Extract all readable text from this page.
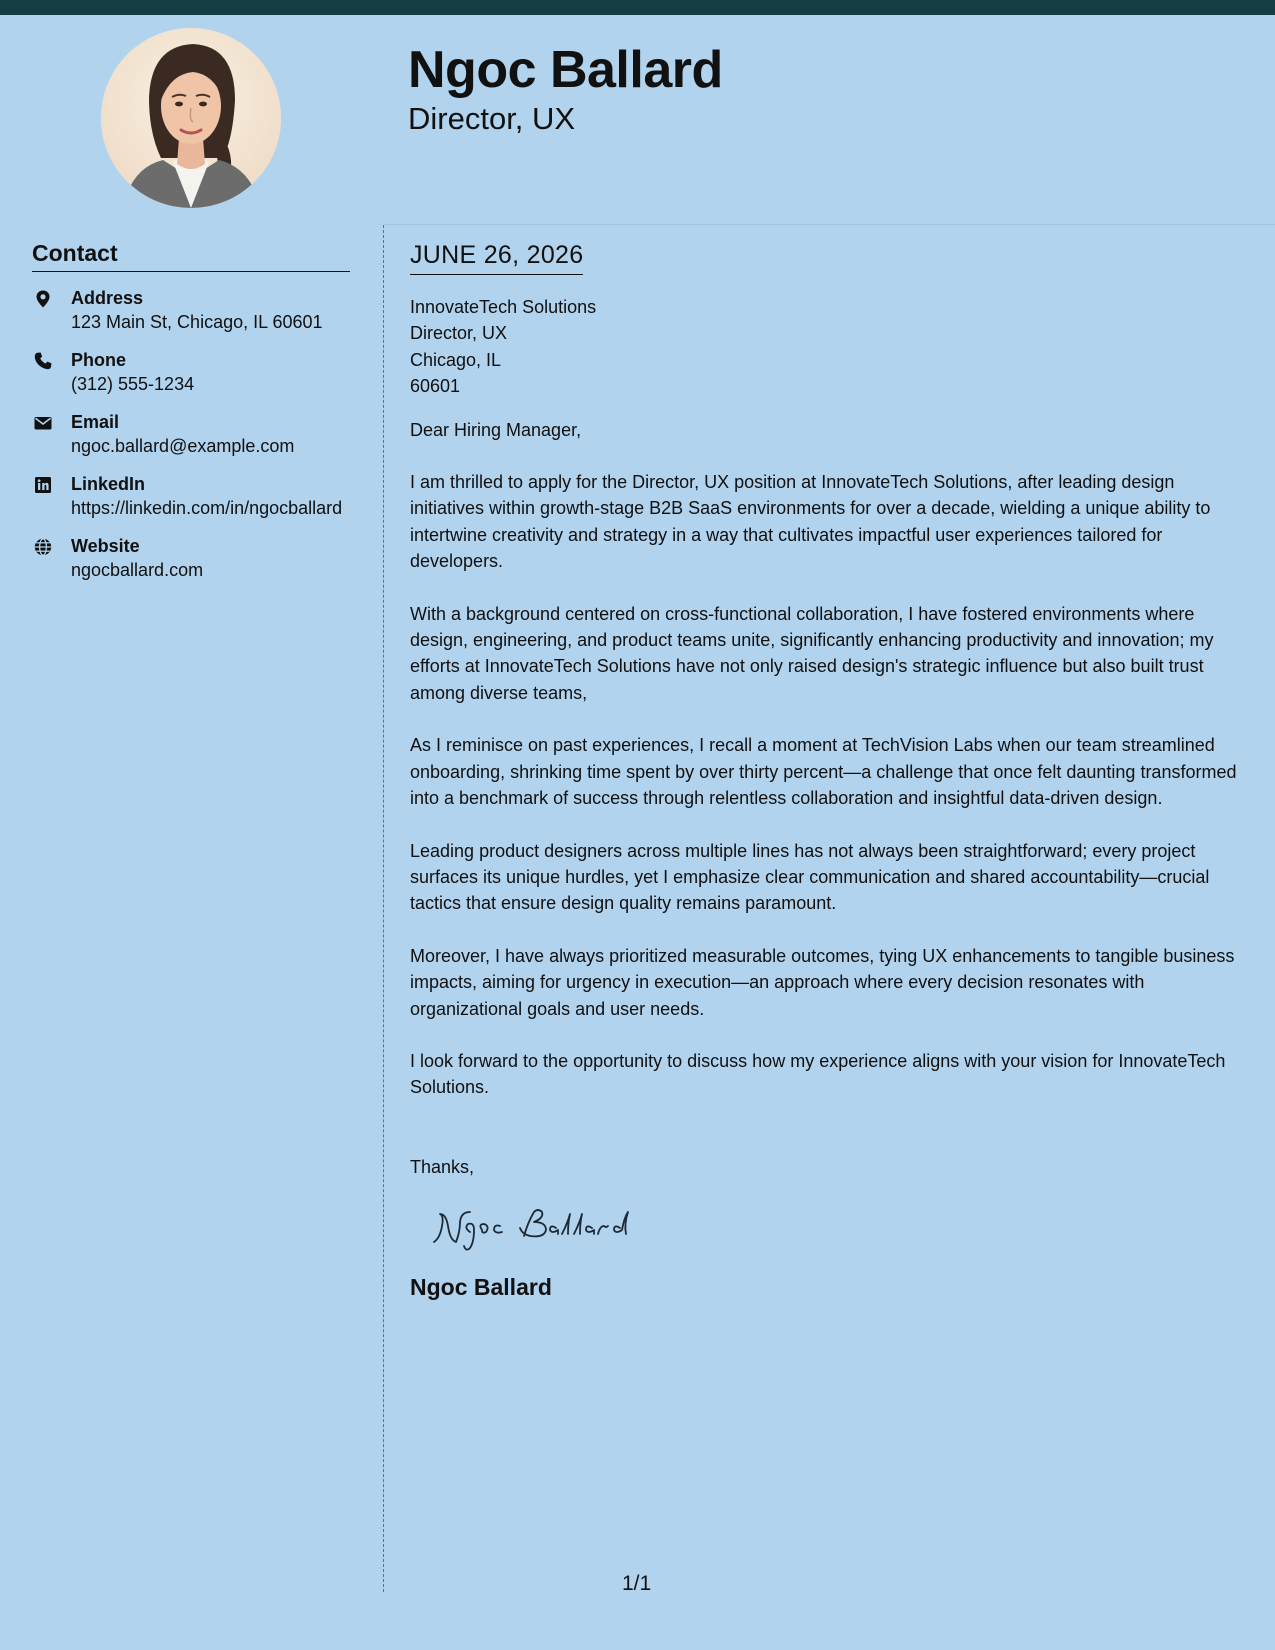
Ngoc Ballard
Director, UX
Contact
Address
123 Main St, Chicago, IL 60601
Phone
(312) 555-1234
Email
ngoc.ballard@example.com
LinkedIn
https://linkedin.com/in/ngocballard
Website
ngocballard.com
JUNE 26, 2026
InnovateTech Solutions
Director, UX
Chicago, IL
60601

Dear Hiring Manager,

I am thrilled to apply for the Director, UX position at InnovateTech Solutions, after leading design initiatives within growth-stage B2B SaaS environments for over a decade, wielding a unique ability to intertwine creativity and strategy in a way that cultivates impactful user experiences tailored for developers.

With a background centered on cross-functional collaboration, I have fostered environments where design, engineering, and product teams unite, significantly enhancing productivity and innovation; my efforts at InnovateTech Solutions have not only raised design's strategic influence but also built trust among diverse teams,

As I reminisce on past experiences, I recall a moment at TechVision Labs when our team streamlined onboarding, shrinking time spent by over thirty percent—a challenge that once felt daunting transformed into a benchmark of success through relentless collaboration and insightful data-driven design.

Leading product designers across multiple lines has not always been straightforward; every project surfaces its unique hurdles, yet I emphasize clear communication and shared accountability—crucial tactics that ensure design quality remains paramount.

Moreover, I have always prioritized measurable outcomes, tying UX enhancements to tangible business impacts, aiming for urgency in execution—an approach where every decision resonates with organizational goals and user needs.

I look forward to the opportunity to discuss how my experience aligns with your vision for InnovateTech Solutions.

Thanks,

Ngoc Ballard
1/1
